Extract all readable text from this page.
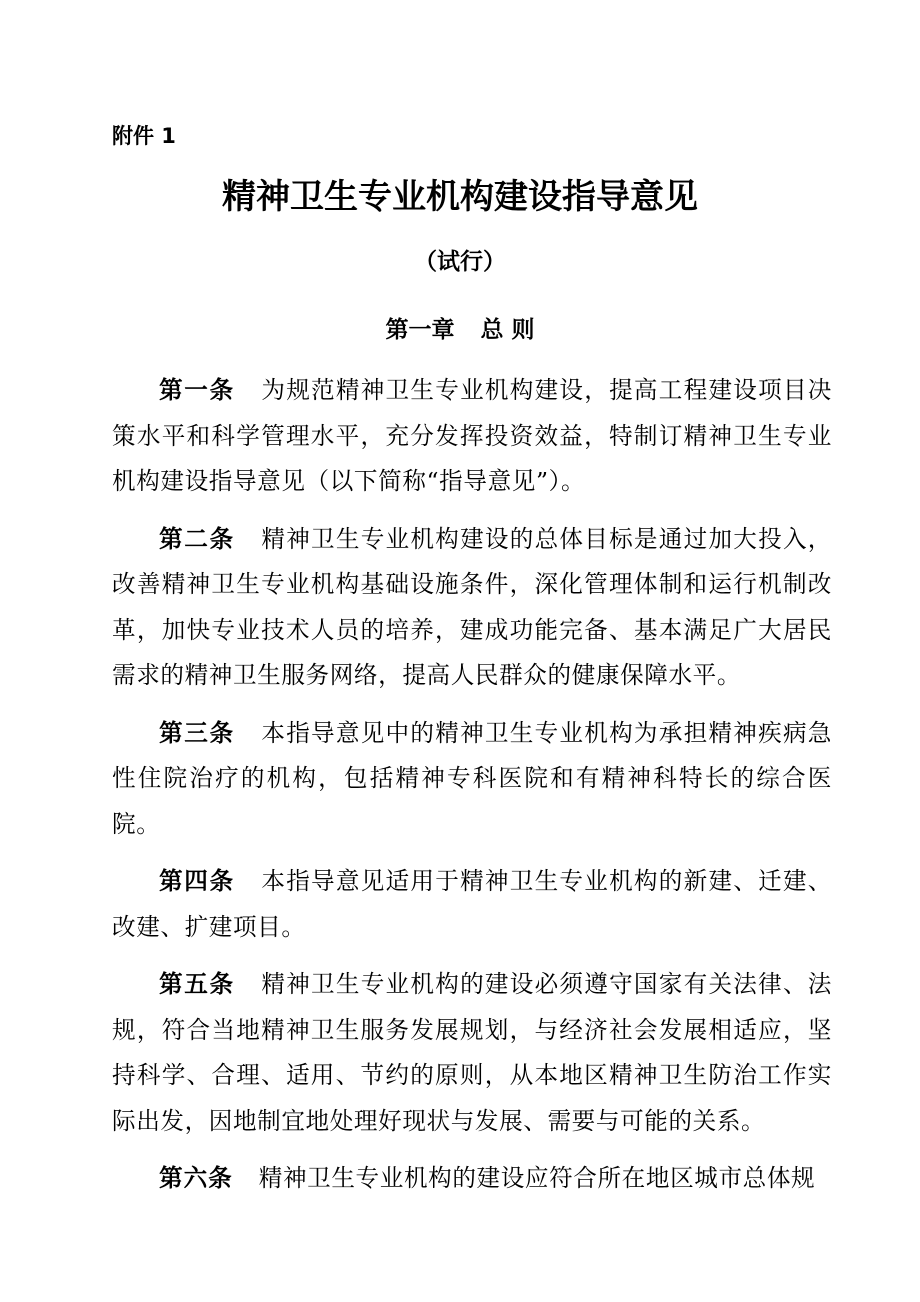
附件 1
精神卫生专业机构建设指导意见
（试行）
第一章 总 则

第一条 为规范精神卫生专业机构建设，提高工程建设项目决策水平和科学管理水平，充分发挥投资效益，特制订精神卫生专业机构建设指导意见（以下简称“指导意见”）。

第二条 精神卫生专业机构建设的总体目标是通过加大投入，改善精神卫生专业机构基础设施条件，深化管理体制和运行机制改革，加快专业技术人员的培养，建成功能完备、基本满足广大居民需求的精神卫生服务网络，提高人民群众的健康保障水平。

第三条 本指导意见中的精神卫生专业机构为承担精神疾病急性住院治疗的机构，包括精神专科医院和有精神科特长的综合医院。

第四条 本指导意见适用于精神卫生专业机构的新建、迁建、改建、扩建项目。

第五条 精神卫生专业机构的建设必须遵守国家有关法律、法规，符合当地精神卫生服务发展规划，与经济社会发展相适应，坚持科学、合理、适用、节约的原则，从本地区精神卫生防治工作实际出发，因地制宜地处理好现状与发展、需要与可能的关系。

第六条 精神卫生专业机构的建设应符合所在地区城市总体规
